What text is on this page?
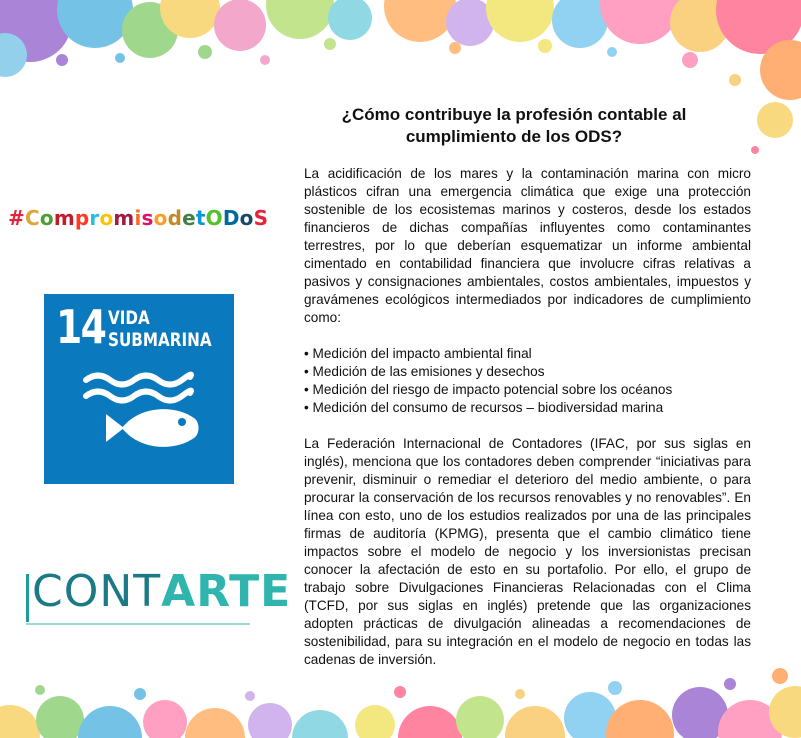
#CompromisodetODoS
14 VIDA
SUBMARINA
CONTARTE
¿Cómo contribuye la profesión contable al cumplimiento de los ODS?

La acidificación de los mares y la contaminación marina con micro plásticos cifran una emergencia climática que exige una protección sostenible de los ecosistemas marinos y costeros, desde los estados financieros de dichas compañías influyentes como contaminantes terrestres, por lo que deberían esquematizar un informe ambiental cimentado en contabilidad financiera que involucre cifras relativas a pasivos y consignaciones ambientales, costos ambientales, impuestos y gravámenes ecológicos intermediados por indicadores de cumplimiento como:

• Medición del impacto ambiental final
• Medición de las emisiones y desechos
• Medición del riesgo de impacto potencial sobre los océanos
• Medición del consumo de recursos – biodiversidad marina

La Federación Internacional de Contadores (IFAC, por sus siglas en inglés), menciona que los contadores deben comprender “iniciativas para prevenir, disminuir o remediar el deterioro del medio ambiente, o para procurar la conservación de los recursos renovables y no renovables”. En línea con esto, uno de los estudios realizados por una de las principales firmas de auditoría (KPMG), presenta que el cambio climático tiene impactos sobre el modelo de negocio y los inversionistas precisan conocer la afectación de esto en su portafolio. Por ello, el grupo de trabajo sobre Divulgaciones Financieras Relacionadas con el Clima (TCFD, por sus siglas en inglés) pretende que las organizaciones adopten prácticas de divulgación alineadas a recomendaciones de sostenibilidad, para su integración en el modelo de negocio en todas las cadenas de inversión.
